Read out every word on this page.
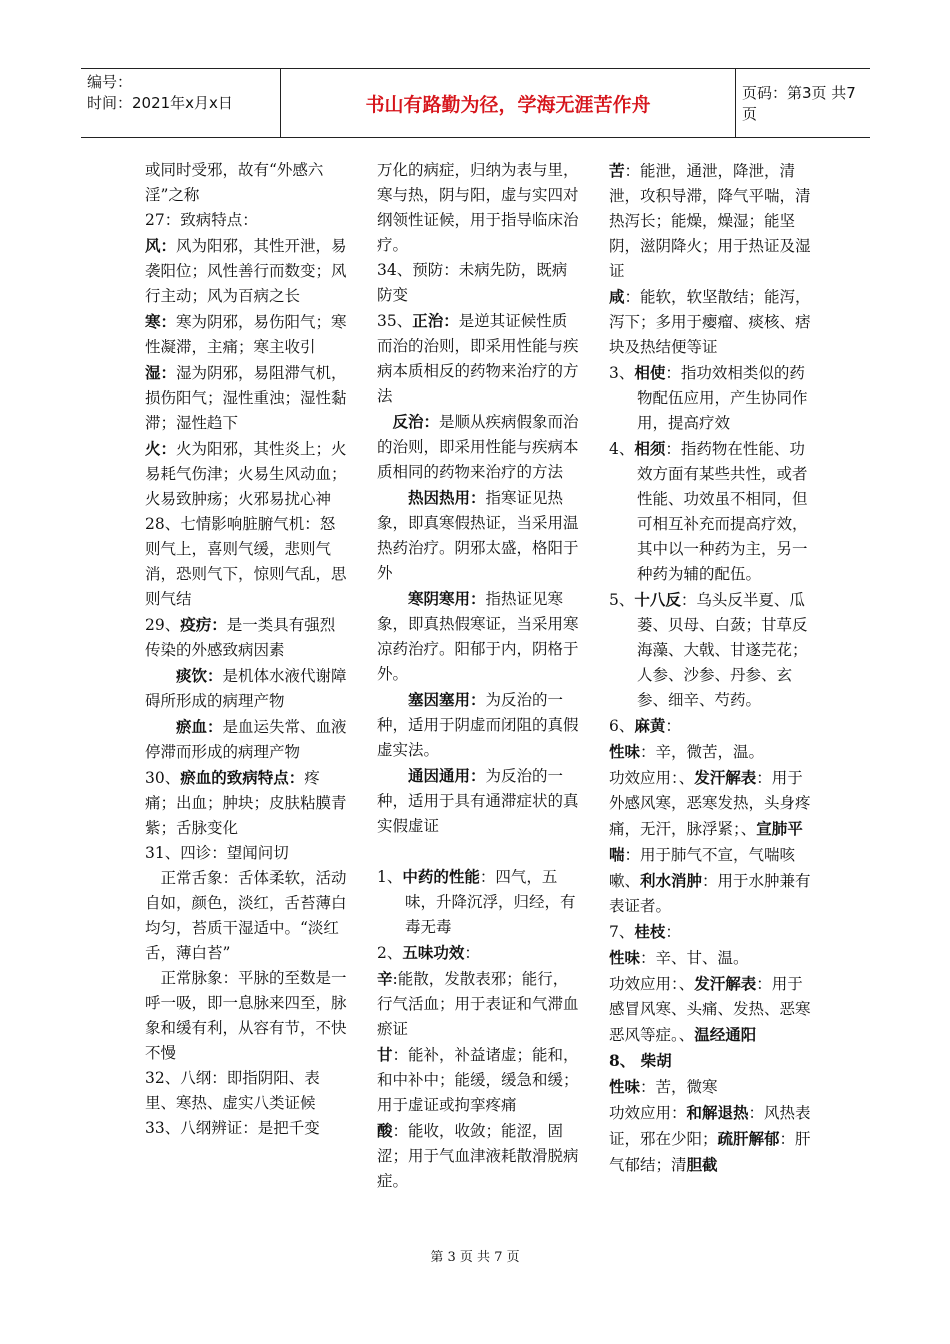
编号：
时间：2021年x月x日	书山有路勤为径，学海无涯苦作舟
页码：第3页 共7页

或同时受邪，故有“外感六淫”之称

27：致病特点：

风：风为阳邪，其性开泄，易袭阳位；风性善行而数变；风行主动；风为百病之长

寒：寒为阴邪，易伤阳气；寒性凝滞，主痛；寒主收引

湿：湿为阴邪，易阻滞气机，损伤阳气；湿性重浊；湿性黏滞；湿性趋下

火：火为阳邪，其性炎上；火易耗气伤津；火易生风动血；火易致肿疡；火邪易扰心神

28、七情影响脏腑气机：怒则气上，喜则气缓，悲则气消，恐则气下，惊则气乱，思则气结

29、疫疠：是一类具有强烈传染的外感致病因素

痰饮：是机体水液代谢障碍所形成的病理产物

瘀血：是血运失常、血液停滞而形成的病理产物

30、瘀血的致病特点：疼痛；出血；肿块；皮肤粘膜青紫；舌脉变化

31、四诊：望闻问切

正常舌象：舌体柔软，活动自如，颜色，淡红，舌苔薄白均匀，苔质干湿适中。“淡红舌，薄白苔”

正常脉象：平脉的至数是一呼一吸，即一息脉来四至，脉象和缓有利，从容有节，不快不慢

32、八纲：即指阴阳、表里、寒热、虚实八类证候

33、八纲辨证：是把千变

万化的病症，归纳为表与里，寒与热，阴与阳，虚与实四对纲领性证候，用于指导临床治疗。

34、预防：未病先防，既病防变

35、正治：是逆其证候性质而治的治则，即采用性能与疾病本质相反的药物来治疗的方法

反治：是顺从疾病假象而治的治则，即采用性能与疾病本质相同的药物来治疗的方法

热因热用：指寒证见热象，即真寒假热证，当采用温热药治疗。阴邪太盛，格阳于外

寒阴寒用：指热证见寒象，即真热假寒证，当采用寒凉药治疗。阳郁于内，阴格于外。

塞因塞用：为反治的一种，适用于阴虚而闭阻的真假虚实法。

通因通用：为反治的一种，适用于具有通滞症状的真实假虚证

1、中药的性能：四气，五味，升降沉浮，归经，有毒无毒

2、五味功效：

辛:能散，发散表邪；能行，行气活血；用于表证和气滞血瘀证

甘：能补，补益诸虚；能和，和中补中；能缓，缓急和缓；用于虚证或拘挛疼痛

酸：能收，收敛；能涩，固涩；用于气血津液耗散滑脱病症。

苦：能泄，通泄，降泄，清泄，攻积导滞，降气平喘，清热泻长；能燥，燥湿；能坚阴，滋阴降火；用于热证及湿证

咸：能软，软坚散结；能泻，泻下；多用于瘿瘤、痰核、痞块及热结便等证

3、相使：指功效相类似的药物配伍应用，产生协同作用，提高疗效

4、相须：指药物在性能、功效方面有某些共性，或者性能、功效虽不相同，但可相互补充而提高疗效，其中以一种药为主，另一种药为辅的配伍。

5、十八反：乌头反半夏、瓜蒌、贝母、白蔹；甘草反海藻、大戟、甘遂芫花；人参、沙参、丹参、玄参、细辛、芍药。

6、麻黄：

性味：辛，微苦，温。

功效应用：、发汗解表：用于外感风寒，恶寒发热，头身疼痛，无汗，脉浮紧；、宣肺平喘：用于肺气不宣，气喘咳嗽、利水消肿：用于水肿兼有表证者。

7、桂枝：

性味：辛、甘、温。

功效应用：、发汗解表：用于感冒风寒、头痛、发热、恶寒恶风等症。、温经通阳

8、 柴胡

性味：苦，微寒

功效应用：和解退热：风热表证，邪在少阳；疏肝解郁：肝气郁结；清胆截

第 3 页 共 7 页
